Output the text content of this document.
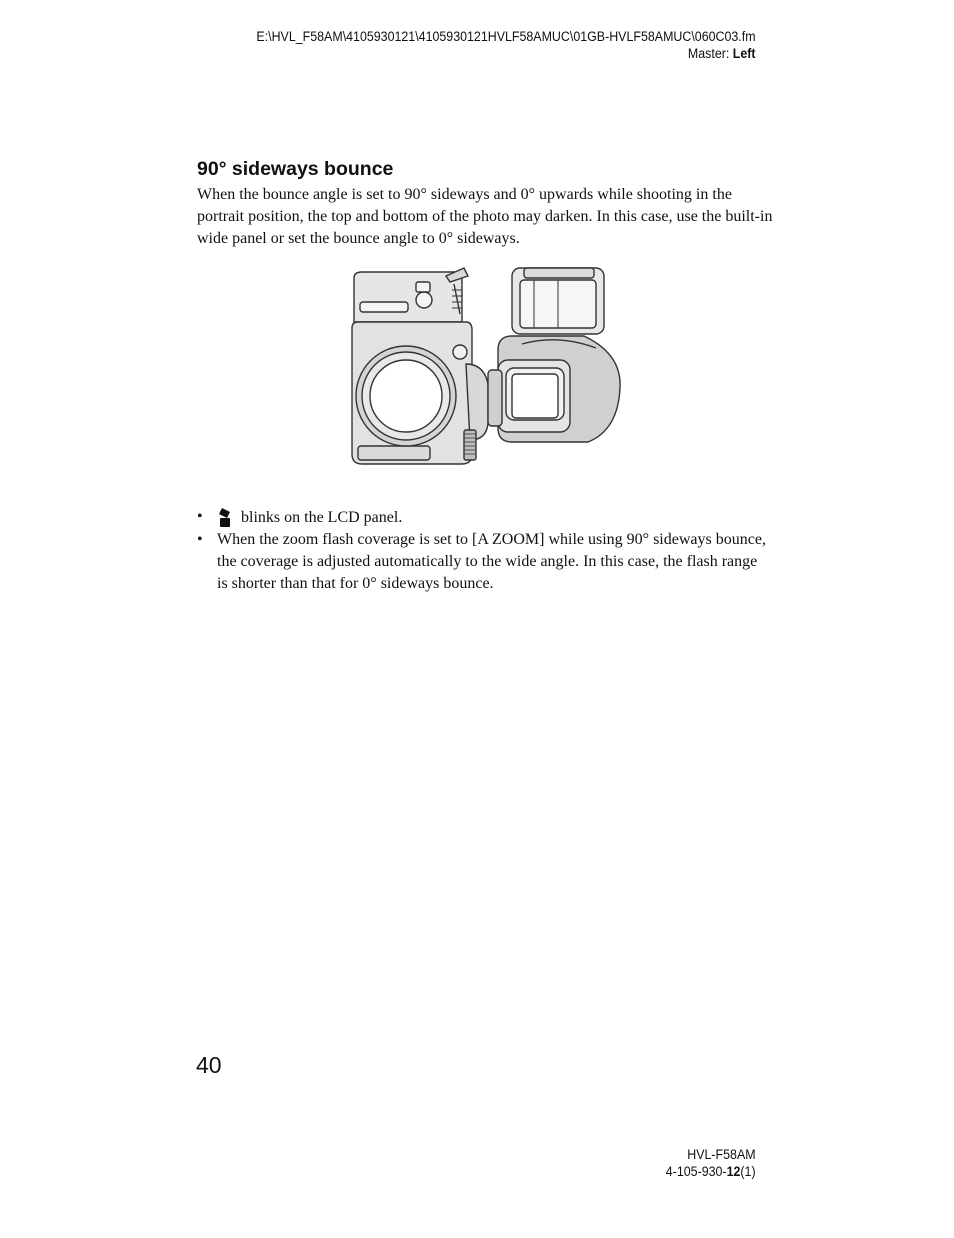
E:\HVL_F58AM\4105930121\4105930121HVLF58AMUC\01GB-HVLF58AMUC\060C03.fm
Master: Left
90° sideways bounce
When the bounce angle is set to 90° sideways and 0° upwards while shooting in the portrait position, the top and bottom of the photo may darken. In this case, use the built-in wide panel or set the bounce angle to 0° sideways.
• blinks on the LCD panel.
• When the zoom flash coverage is set to [A ZOOM] while using 90° sideways bounce, the coverage is adjusted automatically to the wide angle. In this case, the flash range is shorter than that for 0° sideways bounce.
40
HVL-F58AM
4-105-930-12(1)
